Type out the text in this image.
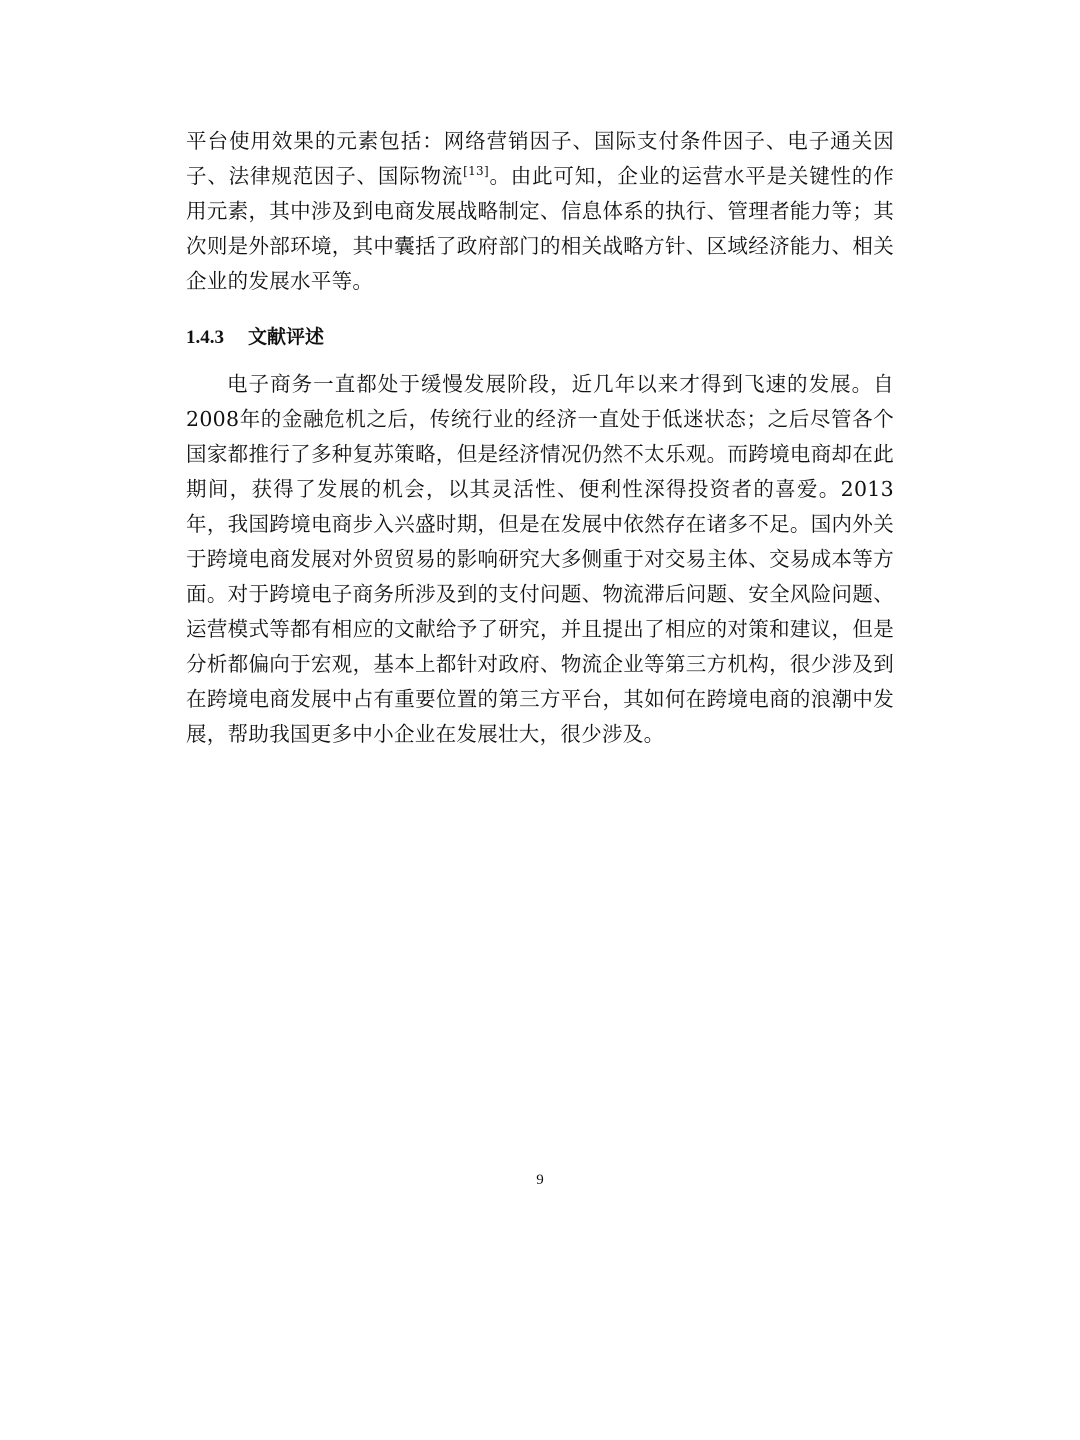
平台使用效果的元素包括：网络营销因子、国际支付条件因子、电子通关因子、法律规范因子、国际物流[13]。由此可知，企业的运营水平是关键性的作用元素，其中涉及到电商发展战略制定、信息体系的执行、管理者能力等；其次则是外部环境，其中囊括了政府部门的相关战略方针、区域经济能力、相关企业的发展水平等。

1.4.3 文献评述

电子商务一直都处于缓慢发展阶段，近几年以来才得到飞速的发展。自2008年的金融危机之后，传统行业的经济一直处于低迷状态；之后尽管各个国家都推行了多种复苏策略，但是经济情况仍然不太乐观。而跨境电商却在此期间，获得了发展的机会，以其灵活性、便利性深得投资者的喜爱。2013年，我国跨境电商步入兴盛时期，但是在发展中依然存在诸多不足。国内外关于跨境电商发展对外贸贸易的影响研究大多侧重于对交易主体、交易成本等方面。对于跨境电子商务所涉及到的支付问题、物流滞后问题、安全风险问题、运营模式等都有相应的文献给予了研究，并且提出了相应的对策和建议，但是分析都偏向于宏观，基本上都针对政府、物流企业等第三方机构，很少涉及到在跨境电商发展中占有重要位置的第三方平台，其如何在跨境电商的浪潮中发展，帮助我国更多中小企业在发展壮大，很少涉及。

9
